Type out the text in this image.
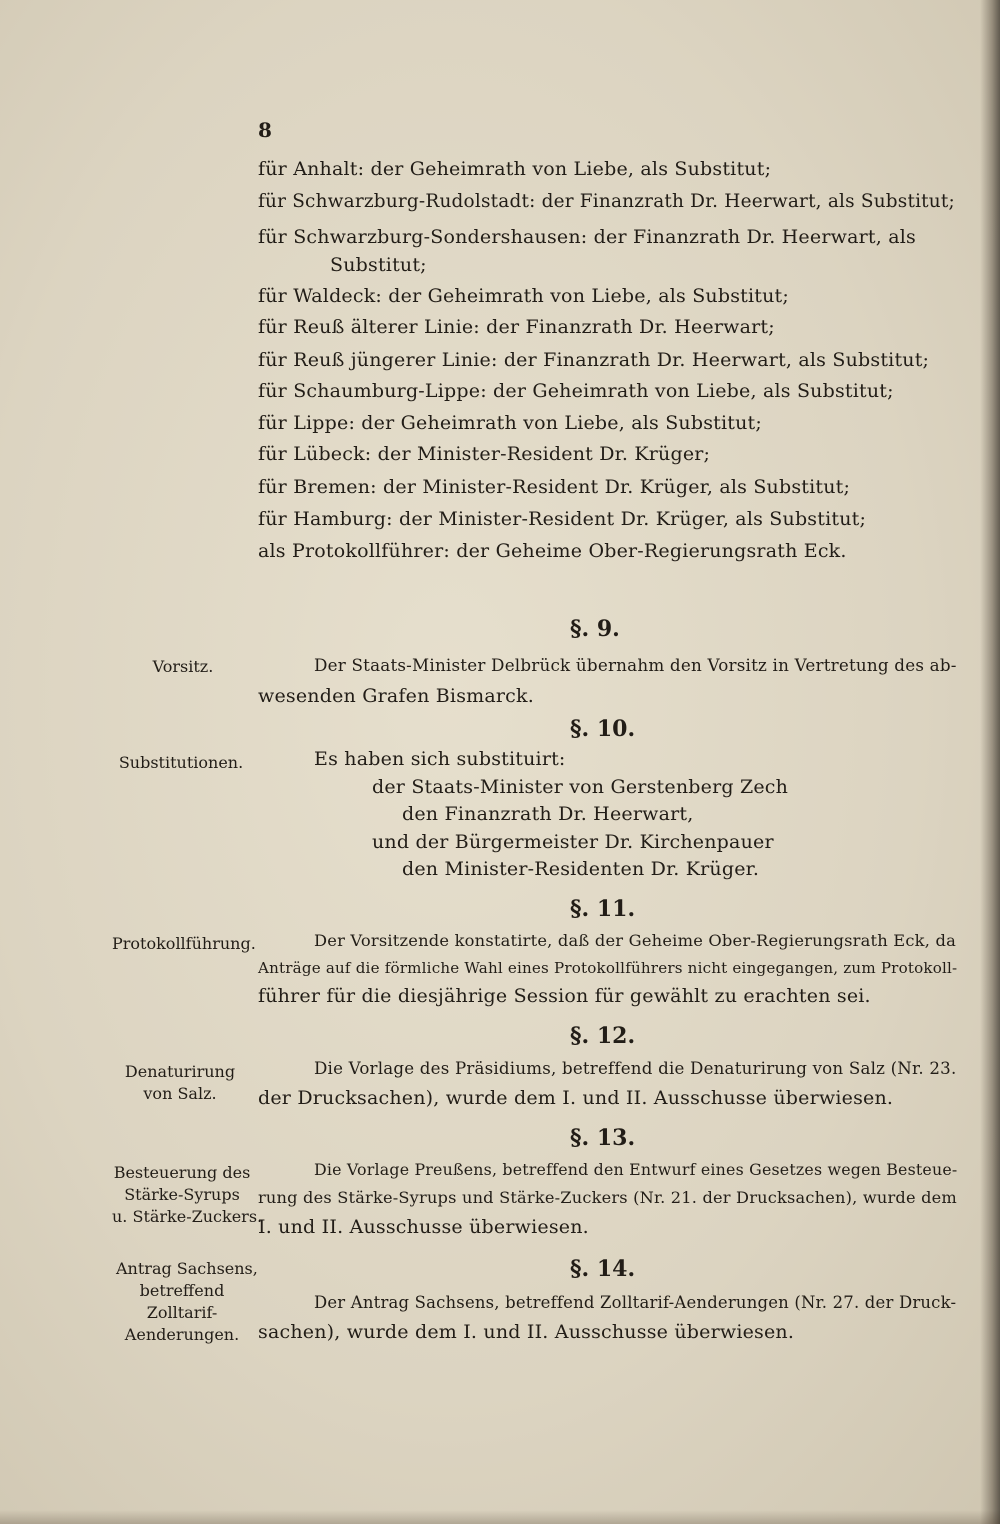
8
für Anhalt: der Geheimrath von Liebe, als Substitut;
für Schwarzburg-Rudolstadt: der Finanzrath Dr. Heerwart, als Substitut;
für Schwarzburg-Sondershausen: der Finanzrath Dr. Heerwart, als
Substitut;
für Waldeck: der Geheimrath von Liebe, als Substitut;
für Reuß älterer Linie: der Finanzrath Dr. Heerwart;
für Reuß jüngerer Linie: der Finanzrath Dr. Heerwart, als Substitut;
für Schaumburg-Lippe: der Geheimrath von Liebe, als Substitut;
für Lippe: der Geheimrath von Liebe, als Substitut;
für Lübeck: der Minister-Resident Dr. Krüger;
für Bremen: der Minister-Resident Dr. Krüger, als Substitut;
für Hamburg: der Minister-Resident Dr. Krüger, als Substitut;
als Protokollführer: der Geheime Ober-Regierungsrath Eck.
§. 9.
Vorsitz.	Der Staats-Minister Delbrück übernahm den Vorsitz in Vertretung des ab-
wesenden Grafen Bismarck.
§. 10.
Substitutionen.	Es haben sich substituirt:
der Staats-Minister von Gerstenberg Zech
den Finanzrath Dr. Heerwart,
und der Bürgermeister Dr. Kirchenpauer
den Minister-Residenten Dr. Krüger.
§. 11.
Protokollführung.	Der Vorsitzende konstatirte, daß der Geheime Ober-Regierungsrath Eck, da
Anträge auf die förmliche Wahl eines Protokollführers nicht eingegangen, zum Protokoll-
führer für die diesjährige Session für gewählt zu erachten sei.
§. 12.
Denaturirung
von Salz.
Die Vorlage des Präsidiums, betreffend die Denaturirung von Salz (Nr. 23.
der Drucksachen), wurde dem I. und II. Ausschusse überwiesen.
§. 13.
Besteuerung des
Stärke-Syrups
u. Stärke-Zuckers.
Die Vorlage Preußens, betreffend den Entwurf eines Gesetzes wegen Besteue-
rung des Stärke-Syrups und Stärke-Zuckers (Nr. 21. der Drucksachen), wurde dem
I. und II. Ausschusse überwiesen.
§. 14.
Antrag Sachsens,
betreffend
Zolltarif-
Aenderungen.
Der Antrag Sachsens, betreffend Zolltarif-Aenderungen (Nr. 27. der Druck-
sachen), wurde dem I. und II. Ausschusse überwiesen.
